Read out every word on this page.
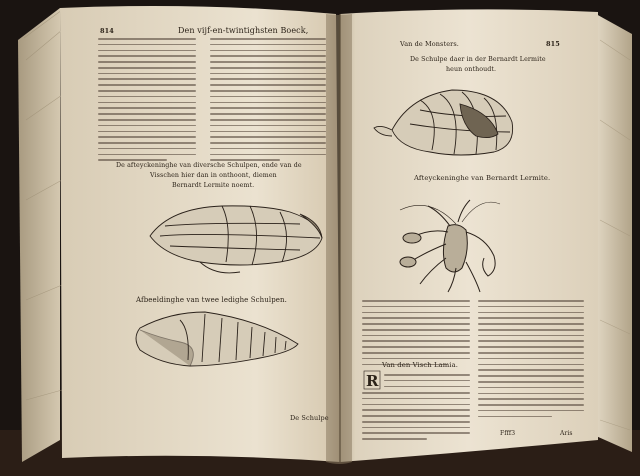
814	Den vijf-en-twintighsten Boeck,
De afteyckeninghe van diversche Schulpen, ende van de
Visschen hier dan in onthoont, diemen
Bernardt Lermite noemt.
Afbeeldinghe van twee ledighe Schulpen.
De Schulpe
Van de Monsters.	815
De Schulpe daer in der Bernardt Lermite
heun onthoudt.
Afteyckeninghe van Bernardt Lermite.
Van den Visch Lamia.
R
Ffff3	Aris
